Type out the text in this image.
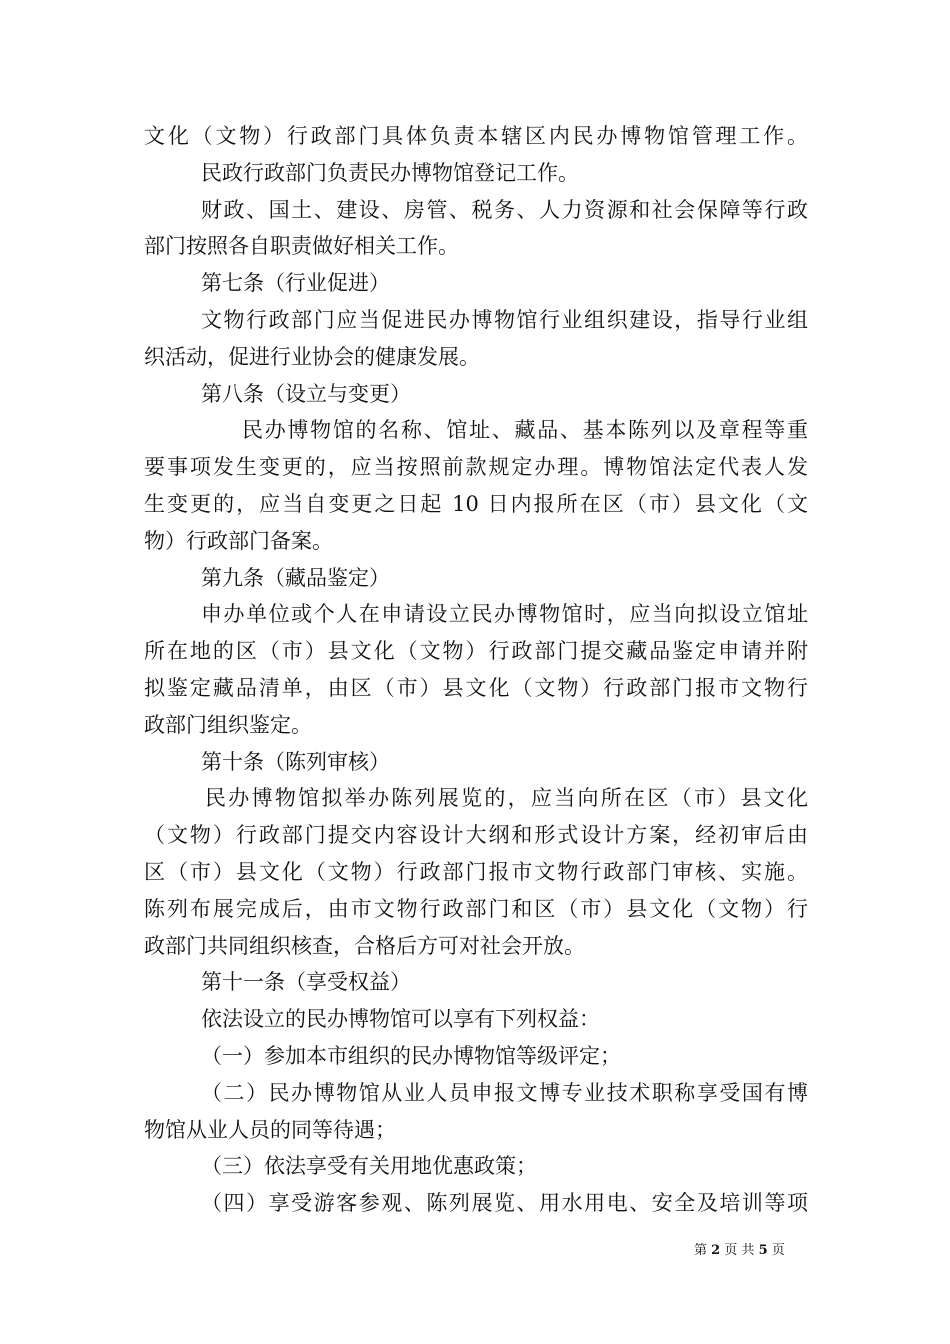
文化（文物）行政部门具体负责本辖区内民办博物馆管理工作。
民政行政部门负责民办博物馆登记工作。
财政、国土、建设、房管、税务、人力资源和社会保障等行政
部门按照各自职责做好相关工作。
第七条（行业促进）
文物行政部门应当促进民办博物馆行业组织建设，指导行业组
织活动，促进行业协会的健康发展。
第八条（设立与变更）
民办博物馆的名称、馆址、藏品、基本陈列以及章程等重
要事项发生变更的，应当按照前款规定办理。博物馆法定代表人发
生变更的，应当自变更之日起 10 日内报所在区（市）县文化（文
物）行政部门备案。
第九条（藏品鉴定）
申办单位或个人在申请设立民办博物馆时，应当向拟设立馆址
所在地的区（市）县文化（文物）行政部门提交藏品鉴定申请并附
拟鉴定藏品清单，由区（市）县文化（文物）行政部门报市文物行
政部门组织鉴定。
第十条（陈列审核）
民办博物馆拟举办陈列展览的，应当向所在区（市）县文化
（文物）行政部门提交内容设计大纲和形式设计方案，经初审后由
区（市）县文化（文物）行政部门报市文物行政部门审核、实施。
陈列布展完成后，由市文物行政部门和区（市）县文化（文物）行
政部门共同组织核查，合格后方可对社会开放。
第十一条（享受权益）
依法设立的民办博物馆可以享有下列权益：
（一）参加本市组织的民办博物馆等级评定；
（二）民办博物馆从业人员申报文博专业技术职称享受国有博
物馆从业人员的同等待遇；
（三）依法享受有关用地优惠政策；
（四）享受游客参观、陈列展览、用水用电、安全及培训等项
第 2 页 共 5 页
